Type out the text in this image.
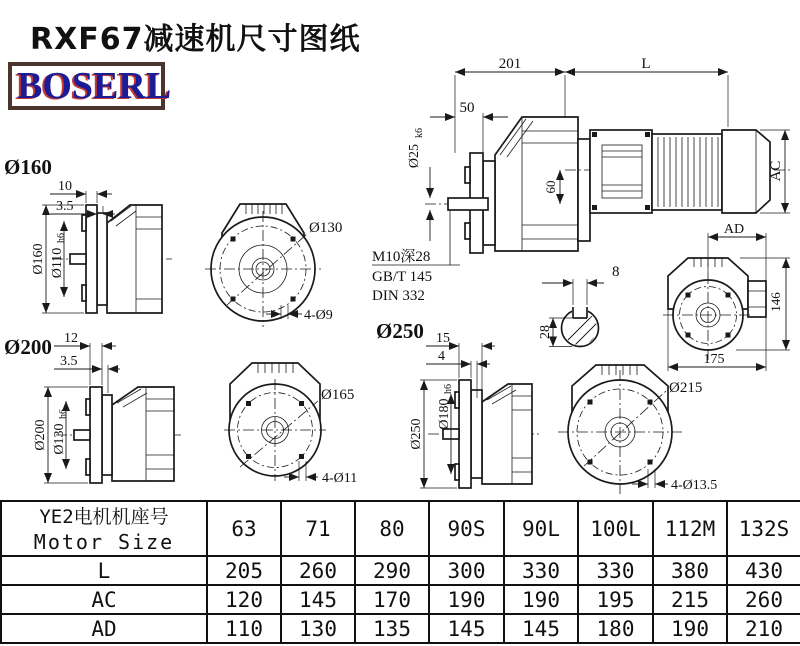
RXF67减速机尺寸图纸
BOSERL
Ø160
10
3.5
Ø160 Ø110
h6
Ø130
4-Ø9
M10深28
GB/T 145
DIN 332
201	L
50
Ø25
k6
60
AC
8
28
AD
146
175
Ø200 12
3.5
Ø200 Ø130
h6
Ø165
4-Ø11
Ø250 15
4
Ø250
Ø180
h6	Ø215
4-Ø13.5
YE2电机机座号
Motor Size	63	71	80	90S	90L	100L	112M	132S
L	205	260	290	300	330	330	380	430
AC	120	145	170	190	190	195	215	260
AD	110	130	135	145	145	180	190	210
